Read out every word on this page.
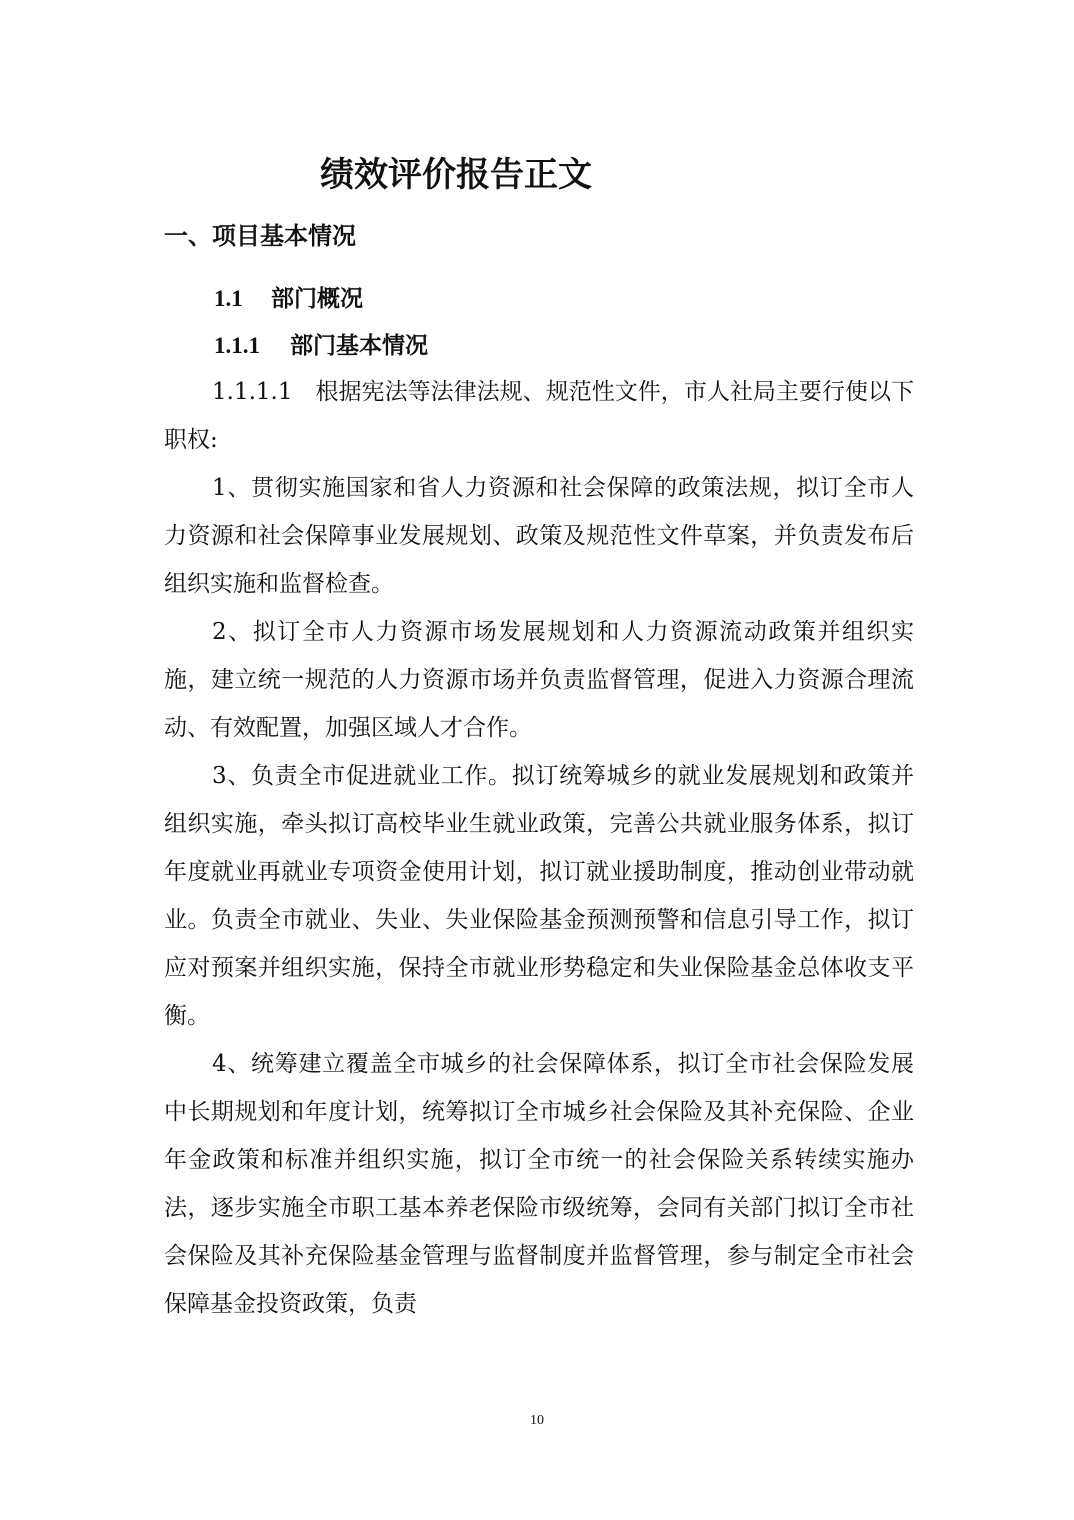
绩效评价报告正文
一、项目基本情况
1.1 部门概况
1.1.1 部门基本情况

1.1.1.1　根据宪法等法律法规、规范性文件，市人社局主要行使以下职权:

1、贯彻实施国家和省人力资源和社会保障的政策法规，拟订全市人力资源和社会保障事业发展规划、政策及规范性文件草案，并负责发布后组织实施和监督检查。

2、拟订全市人力资源市场发展规划和人力资源流动政策并组织实施，建立统一规范的人力资源市场并负责监督管理，促进入力资源合理流动、有效配置，加强区域人才合作。

3、负责全市促进就业工作。拟订统筹城乡的就业发展规划和政策并组织实施，牵头拟订高校毕业生就业政策，完善公共就业服务体系，拟订年度就业再就业专项资金使用计划，拟订就业援助制度，推动创业带动就业。负责全市就业、失业、失业保险基金预测预警和信息引导工作，拟订应对预案并组织实施，保持全市就业形势稳定和失业保险基金总体收支平衡。

4、统筹建立覆盖全市城乡的社会保障体系，拟订全市社会保险发展中长期规划和年度计划，统筹拟订全市城乡社会保险及其补充保险、企业年金政策和标准并组织实施，拟订全市统一的社会保险关系转续实施办法，逐步实施全市职工基本养老保险市级统筹，会同有关部门拟订全市社会保险及其补充保险基金管理与监督制度并监督管理，参与制定全市社会保障基金投资政策，负责

10
